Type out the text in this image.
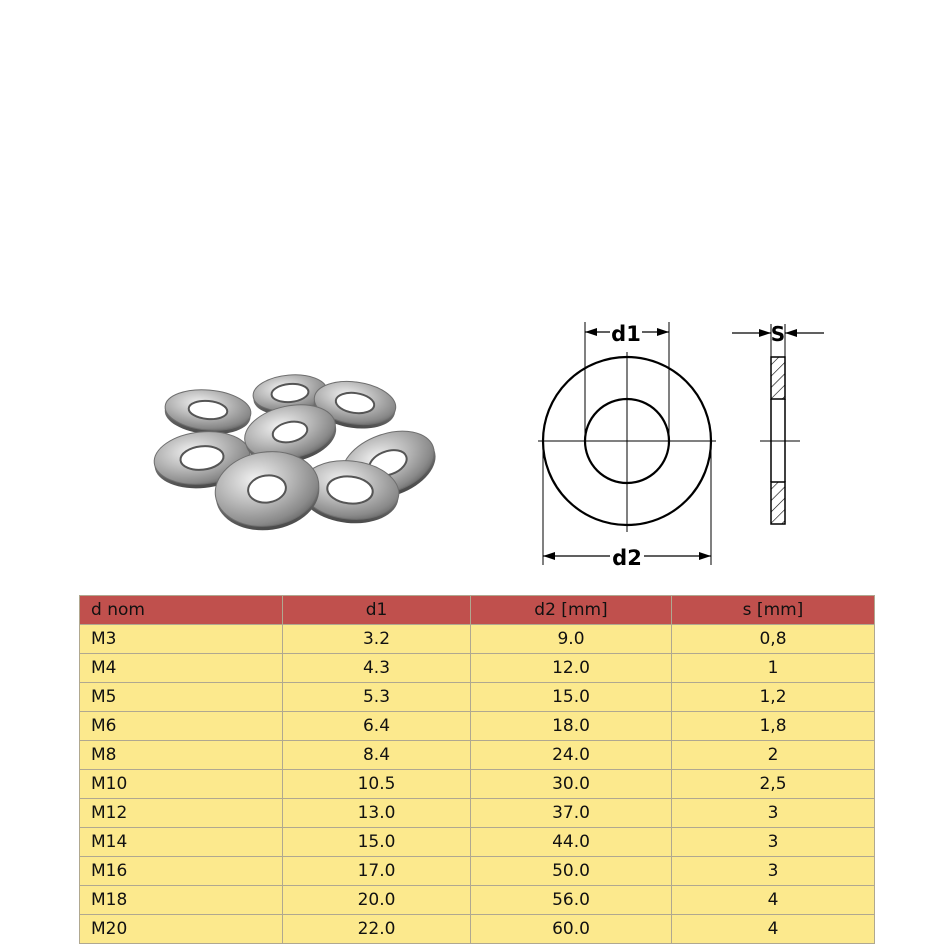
d1
d2
S
d nom	d1	d2 [mm]	s [mm]
M3	3.2	9.0	0,8
M4	4.3	12.0	1
M5	5.3	15.0	1,2
M6	6.4	18.0	1,8
M8	8.4	24.0	2
M10	10.5	30.0	2,5
M12	13.0	37.0	3
M14	15.0	44.0	3
M16	17.0	50.0	3
M18	20.0	56.0	4
M20	22.0	60.0	4
